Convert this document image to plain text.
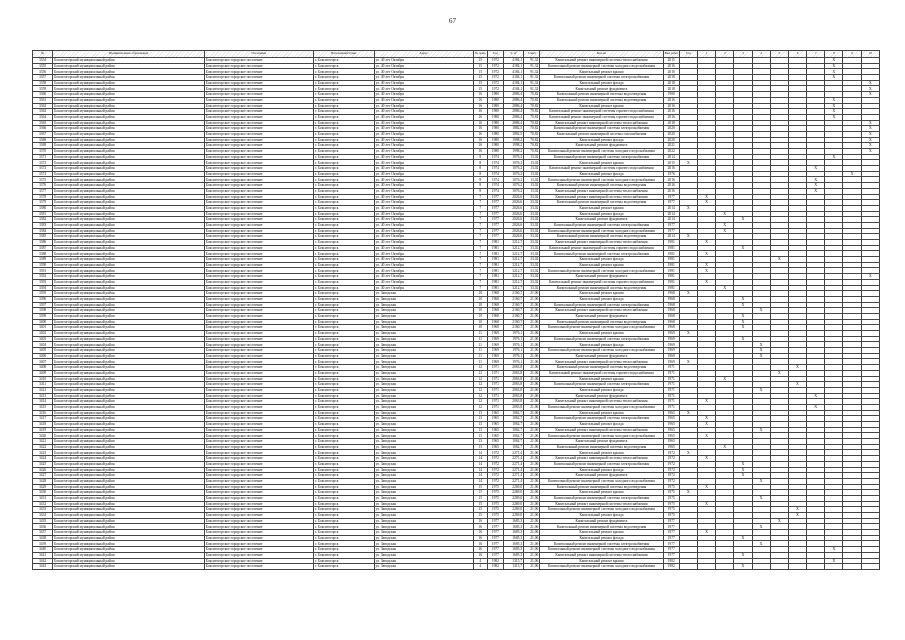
67
№	Муниципальное образование	Поселение	Населенный пункт	Адрес	№ дома	Год	S, м²	S жил	Кол-во	Вид работ	Год	1	2	3	4	5	6	7	8	9	10
3354	Бокситогорский муниципальный район	Бокситогорское городское поселение	г. Бокситогорск	ул. 40 лет Октября	15	1972	4184,1	91,32	Капитальный ремонт инженерной системы теплоснабжения	2015									X		
3355	Бокситогорский муниципальный район	Бокситогорское городское поселение	г. Бокситогорск	ул. 40 лет Октября	15	1972	4184,1	91,32	Капитальный ремонт инженерной системы холодного водоснабжения	2016									X		
3356	Бокситогорский муниципальный район	Бокситогорское городское поселение	г. Бокситогорск	ул. 40 лет Октября	15	1972	4184,1	91,32	Капитальный ремонт крыши	2016									X		
3357	Бокситогорский муниципальный район	Бокситогорское городское поселение	г. Бокситогорск	ул. 40 лет Октября	15	1972	4184,1	91,32	Капитальный ремонт инженерной системы электроснабжения	2018									X		
3358	Бокситогорский муниципальный район	Бокситогорское городское поселение	г. Бокситогорск	ул. 40 лет Октября	15	1972	4184,1	91,32	Капитальный ремонт фасада	2018											X
3359	Бокситогорский муниципальный район	Бокситогорское городское поселение	г. Бокситогорск	ул. 40 лет Октября	15	1972	4184,1	91,32	Капитальный ремонт фундамента	2018											X
3360	Бокситогорский муниципальный район	Бокситогорское городское поселение	г. Бокситогорск	ул. 40 лет Октября	16	1980	2886,4	70,82	Капитальный ремонт инженерной системы водоотведения	1980											X
3361	Бокситогорский муниципальный район	Бокситогорское городское поселение	г. Бокситогорск	ул. 40 лет Октября	16	1980	2886,4	70,82	Капитальный ремонт инженерной системы водоотведения	2016									X		
3362	Бокситогорский муниципальный район	Бокситогорское городское поселение	г. Бокситогорск	ул. 40 лет Октября	16	1980	2886,4	70,82	Капитальный ремонт крыши	2016									X		
3363	Бокситогорский муниципальный район	Бокситогорское городское поселение	г. Бокситогорск	ул. 40 лет Октября	16	1980	2886,4	70,82	Капитальный ремонт инженерной системы горячего водоснабжения	2016									X		
3364	Бокситогорский муниципальный район	Бокситогорское городское поселение	г. Бокситогорск	ул. 40 лет Октября	16	1980	2886,4	70,82	Капитальный ремонт инженерной системы горячего водоснабжения	2016									X		
3365	Бокситогорский муниципальный район	Бокситогорское городское поселение	г. Бокситогорск	ул. 40 лет Октября	16	1980	2886,4	70,82	Капитальный ремонт инженерной системы теплоснабжения	2018											X
3366	Бокситогорский муниципальный район	Бокситогорское городское поселение	г. Бокситогорск	ул. 40 лет Октября	16	1980	1882,5	70,82	Капитальный ремонт инженерной системы электроснабжения	2020											X
3367	Бокситогорский муниципальный район	Бокситогорское городское поселение	г. Бокситогорск	ул. 40 лет Октября	16	1980	1882,5	70,82	Капитальный ремонт инженерной системы газоснабжения	2020											X
3368	Бокситогорский муниципальный район	Бокситогорское городское поселение	г. Бокситогорск	ул. 40 лет Октября	16	1980	1998,2	70,82	Капитальный ремонт фасада	2020											X
3369	Бокситогорский муниципальный район	Бокситогорское городское поселение	г. Бокситогорск	ул. 40 лет Октября	16	1980	1998,2	70,82	Капитальный ремонт фундамента	2021											X
3370	Бокситогорский муниципальный район	Бокситогорское городское поселение	г. Бокситогорск	ул. 40 лет Октября	16	1980	1998,2	70,82	Капитальный ремонт инженерной системы холодного водоснабжения	2022											X
3371	Бокситогорский муниципальный район	Бокситогорское городское поселение	г. Бокситогорск	ул. 40 лет Октября	8	1974	1076,2	13,02	Капитальный ремонт инженерной системы электроснабжения	2014									X		
3372	Бокситогорский муниципальный район	Бокситогорское городское поселение	г. Бокситогорск	ул. 40 лет Октября	8	1974	1076,2	13,02	Капитальный ремонт крыши	2015	X										
3373	Бокситогорский муниципальный район	Бокситогорское городское поселение	г. Бокситогорск	ул. 40 лет Октября	8	1974	1076,2	13,02	Капитальный ремонт инженерной системы горячего водоснабжения	2016								X			
3374	Бокситогорский муниципальный район	Бокситогорское городское поселение	г. Бокситогорск	ул. 40 лет Октября	8	1974	1076,2	13,02	Капитальный ремонт фасада	1976										X	
3375	Бокситогорский муниципальный район	Бокситогорское городское поселение	г. Бокситогорск	ул. 40 лет Октября	8	1974	1076,2	13,02	Капитальный ремонт инженерной системы холодного водоснабжения	2016								X			
3376	Бокситогорский муниципальный район	Бокситогорское городское поселение	г. Бокситогорск	ул. 40 лет Октября	8	1974	1076,2	13,02	Капитальный ремонт инженерной системы водоотведения	2016								X			
3377	Бокситогорский муниципальный район	Бокситогорское городское поселение	г. Бокситогорск	ул. 40 лет Октября	8	1974	1076,2	13,02	Капитальный ремонт инженерной системы теплоснабжения	2016								X			
3378	Бокситогорский муниципальный район	Бокситогорское городское поселение	г. Бокситогорск	ул. 40 лет Октября	7	1977	2026,6	33,02	Капитальный ремонт инженерной системы теплоснабжения	1977		X									
3379	Бокситогорский муниципальный район	Бокситогорское городское поселение	г. Бокситогорск	ул. 40 лет Октября	7	1977	2026,6	33,02	Капитальный ремонт инженерной системы водоотведения	1977		X									
3380	Бокситогорский муниципальный район	Бокситогорское городское поселение	г. Бокситогорск	ул. 40 лет Октября	7	1977	2026,6	33,02	Капитальный ремонт крыши	2014	X										
3381	Бокситогорский муниципальный район	Бокситогорское городское поселение	г. Бокситогорск	ул. 40 лет Октября	7	1977	2026,6	33,02	Капитальный ремонт фасада	2014			X								
3382	Бокситогорский муниципальный район	Бокситогорское городское поселение	г. Бокситогорск	ул. 40 лет Октября	7	1977	2026,6	33,02	Капитальный ремонт фундамента	2014				X							
3383	Бокситогорский муниципальный район	Бокситогорское городское поселение	г. Бокситогорск	ул. 40 лет Октября	7	1977	2026,6	33,02	Капитальный ремонт инженерной системы электроснабжения	1977			X								
3384	Бокситогорский муниципальный район	Бокситогорское городское поселение	г. Бокситогорск	ул. 40 лет Октября	7	1977	2026,6	33,02	Капитальный ремонт инженерной системы холодного водоснабжения	1977			X								
3385	Бокситогорский муниципальный район	Бокситогорское городское поселение	г. Бокситогорск	ул. 40 лет Октября	7	1977	2026,6	33,02	Капитальный ремонт инженерной системы водоотведения	2014	X										
3386	Бокситогорский муниципальный район	Бокситогорское городское поселение	г. Бокситогорск	ул. 40 лет Октября	7	1981	3212,7	33,02	Капитальный ремонт инженерной системы теплоснабжения	1981		X									
3387	Бокситогорский муниципальный район	Бокситогорское городское поселение	г. Бокситогорск	ул. 40 лет Октября	7	1981	3212,7	33,02	Капитальный ремонт инженерной системы горячего водоснабжения	1981				X							
3388	Бокситогорский муниципальный район	Бокситогорское городское поселение	г. Бокситогорск	ул. 40 лет Октября	7	1981	3212,7	33,02	Капитальный ремонт инженерной системы электроснабжения	1981		X									
3389	Бокситогорский муниципальный район	Бокситогорское городское поселение	г. Бокситогорск	ул. 40 лет Октября	7	1981	3212,7	33,02	Капитальный ремонт фасада	1981						X					
3390	Бокситогорский муниципальный район	Бокситогорское городское поселение	г. Бокситогорск	ул. 40 лет Октября	7	1981	3212,7	33,02	Капитальный ремонт крыши	1981		X									
3391	Бокситогорский муниципальный район	Бокситогорское городское поселение	г. Бокситогорск	ул. 40 лет Октября	7	1981	3212,7	33,02	Капитальный ремонт инженерной системы холодного водоснабжения	1981		X									
3392	Бокситогорский муниципальный район	Бокситогорское городское поселение	г. Бокситогорск	ул. 40 лет Октября	7	1981	3212,7	33,02	Капитальный ремонт фундамента	1981											X
3393	Бокситогорский муниципальный район	Бокситогорское городское поселение	г. Бокситогорск	ул. 40 лет Октября	7	1981	3212,7	33,02	Капитальный ремонт инженерной системы горячего водоснабжения	1981		X									
3394	Бокситогорский муниципальный район	Бокситогорское городское поселение	г. Бокситогорск	ул. 40 лет Октября	7	1981	3212,7	33,02	Капитальный ремонт инженерной системы водоотведения	1981			X								
3395	Бокситогорский муниципальный район	Бокситогорское городское поселение	г. Бокситогорск	ул. Заводская	10	1968	2160,7	21,06	Капитальный ремонт крыши	1968	X										
3396	Бокситогорский муниципальный район	Бокситогорское городское поселение	г. Бокситогорск	ул. Заводская	10	1968	2160,7	21,06	Капитальный ремонт фасада	1968				X							
3397	Бокситогорский муниципальный район	Бокситогорское городское поселение	г. Бокситогорск	ул. Заводская	10	1968	2160,7	21,06	Капитальный ремонт инженерной системы электроснабжения	1968				X							
3398	Бокситогорский муниципальный район	Бокситогорское городское поселение	г. Бокситогорск	ул. Заводская	10	1968	2160,7	21,06	Капитальный ремонт инженерной системы теплоснабжения	1968					X						
3399	Бокситогорский муниципальный район	Бокситогорское городское поселение	г. Бокситогорск	ул. Заводская	10	1968	2160,7	21,06	Капитальный ремонт фундамента	1968				X							
3400	Бокситогорский муниципальный район	Бокситогорское городское поселение	г. Бокситогорск	ул. Заводская	10	1968	2160,7	21,06	Капитальный ремонт инженерной системы водоотведения	1968				X							
3401	Бокситогорский муниципальный район	Бокситогорское городское поселение	г. Бокситогорск	ул. Заводская	10	1968	2160,7	21,06	Капитальный ремонт инженерной системы холодного водоснабжения	1968				X							
3402	Бокситогорский муниципальный район	Бокситогорское городское поселение	г. Бокситогорск	ул. Заводская	11	1969	1976,1	21,06	Капитальный ремонт крыши	1969	X										
3403	Бокситогорский муниципальный район	Бокситогорское городское поселение	г. Бокситогорск	ул. Заводская	11	1969	1976,1	21,06	Капитальный ремонт инженерной системы электроснабжения	1969				X							
3404	Бокситогорский муниципальный район	Бокситогорское городское поселение	г. Бокситогорск	ул. Заводская	11	1969	1976,1	21,06	Капитальный ремонт фасада	1969					X						
3405	Бокситогорский муниципальный район	Бокситогорское городское поселение	г. Бокситогорск	ул. Заводская	11	1969	1976,1	21,06	Капитальный ремонт инженерной системы холодного водоснабжения	1969					X						
3406	Бокситогорский муниципальный район	Бокситогорское городское поселение	г. Бокситогорск	ул. Заводская	11	1969	1976,1	21,06	Капитальный ремонт фундамента	1969					X						
3407	Бокситогорский муниципальный район	Бокситогорское городское поселение	г. Бокситогорск	ул. Заводская	11	1969	1976,1	21,06	Капитальный ремонт инженерной системы теплоснабжения	1969	X										
3408	Бокситогорский муниципальный район	Бокситогорское городское поселение	г. Бокситогорск	ул. Заводская	12	1971	2063,8	21,06	Капитальный ремонт инженерной системы водоотведения	1971							X				
3409	Бокситогорский муниципальный район	Бокситогорское городское поселение	г. Бокситогорск	ул. Заводская	12	1971	2063,8	21,06	Капитальный ремонт инженерной системы горячего водоснабжения	1971						X					
3410	Бокситогорский муниципальный район	Бокситогорское городское поселение	г. Бокситогорск	ул. Заводская	12	1971	2063,8	21,06	Капитальный ремонт крыши	1971			X								
3411	Бокситогорский муниципальный район	Бокситогорское городское поселение	г. Бокситогорск	ул. Заводская	12	1971	2063,8	21,06	Капитальный ремонт инженерной системы электроснабжения	1971							X				
3412	Бокситогорский муниципальный район	Бокситогорское городское поселение	г. Бокситогорск	ул. Заводская	12	1971	2063,8	21,06	Капитальный ремонт фасада	1971					X						
3413	Бокситогорский муниципальный район	Бокситогорское городское поселение	г. Бокситогорск	ул. Заводская	12	1971	2063,8	21,06	Капитальный ремонт фундамента	1971								X			
3414	Бокситогорский муниципальный район	Бокситогорское городское поселение	г. Бокситогорск	ул. Заводская	12	1971	2063,8	21,06	Капитальный ремонт инженерной системы теплоснабжения	1971		X									
3415	Бокситогорский муниципальный район	Бокситогорское городское поселение	г. Бокситогорск	ул. Заводская	12	1971	2063,8	21,06	Капитальный ремонт инженерной системы холодного водоснабжения	1971								X			
3416	Бокситогорский муниципальный район	Бокситогорское городское поселение	г. Бокситогорск	ул. Заводская	13	1965	1062,7	21,06	Капитальный ремонт крыши	1965	X										
3417	Бокситогорский муниципальный район	Бокситогорское городское поселение	г. Бокситогорск	ул. Заводская	13	1965	1062,7	21,06	Капитальный ремонт инженерной системы электроснабжения	1965		X									
3418	Бокситогорский муниципальный район	Бокситогорское городское поселение	г. Бокситогорск	ул. Заводская	13	1965	1062,7	21,06	Капитальный ремонт фасада	1965		X									
3419	Бокситогорский муниципальный район	Бокситогорское городское поселение	г. Бокситогорск	ул. Заводская	13	1965	1062,7	21,06	Капитальный ремонт инженерной системы теплоснабжения	1965					X						
3420	Бокситогорский муниципальный район	Бокситогорское городское поселение	г. Бокситогорск	ул. Заводская	13	1965	1062,7	21,06	Капитальный ремонт инженерной системы холодного водоснабжения	1965		X									
3421	Бокситогорский муниципальный район	Бокситогорское городское поселение	г. Бокситогорск	ул. Заводская	13	1965	1062,7	21,06	Капитальный ремонт фундамента	1965											
3422	Бокситогорский муниципальный район	Бокситогорское городское поселение	г. Бокситогорск	ул. Заводская	13	1965	1062,7	21,06	Капитальный ремонт инженерной системы водоотведения	1965			X								
3423	Бокситогорский муниципальный район	Бокситогорское городское поселение	г. Бокситогорск	ул. Заводская	14	1972	2271,4	21,06	Капитальный ремонт крыши	1972	X										
3424	Бокситогорский муниципальный район	Бокситогорское городское поселение	г. Бокситогорск	ул. Заводская	14	1972	2271,4	21,06	Капитальный ремонт инженерной системы теплоснабжения	1972		X									
3425	Бокситогорский муниципальный район	Бокситогорское городское поселение	г. Бокситогорск	ул. Заводская	14	1972	2271,4	21,06	Капитальный ремонт инженерной системы электроснабжения	1972				X							
3426	Бокситогорский муниципальный район	Бокситогорское городское поселение	г. Бокситогорск	ул. Заводская	14	1972	2271,4	21,06	Капитальный ремонт фасада	1972				X							
3427	Бокситогорский муниципальный район	Бокситогорское городское поселение	г. Бокситогорск	ул. Заводская	14	1972	2271,4	21,06	Капитальный ремонт фундамента	1972				X							
3428	Бокситогорский муниципальный район	Бокситогорское городское поселение	г. Бокситогорск	ул. Заводская	14	1972	2271,4	21,06	Капитальный ремонт инженерной системы холодного водоснабжения	1972					X						
3429	Бокситогорский муниципальный район	Бокситогорское городское поселение	г. Бокситогорск	ул. Заводская	15	1975	2269,0	21,06	Капитальный ремонт инженерной системы водоотведения	1975		X									
3430	Бокситогорский муниципальный район	Бокситогорское городское поселение	г. Бокситогорск	ул. Заводская	15	1975	2269,0	21,06	Капитальный ремонт крыши	1975	X										
3431	Бокситогорский муниципальный район	Бокситогорское городское поселение	г. Бокситогорск	ул. Заводская	15	1975	2269,0	21,06	Капитальный ремонт инженерной системы электроснабжения	1975					X						
3432	Бокситогорский муниципальный район	Бокситогорское городское поселение	г. Бокситогорск	ул. Заводская	15	1975	2269,0	21,06	Капитальный ремонт инженерной системы теплоснабжения	1975		X									
3433	Бокситогорский муниципальный район	Бокситогорское городское поселение	г. Бокситогорск	ул. Заводская	15	1975	2269,0	21,06	Капитальный ремонт инженерной системы холодного водоснабжения	1975							X				
3434	Бокситогорский муниципальный район	Бокситогорское городское поселение	г. Бокситогорск	ул. Заводская	15	1975	2269,0	21,06	Капитальный ремонт фасада	1975							X				
3435	Бокситогорский муниципальный район	Бокситогорское городское поселение	г. Бокситогорск	ул. Заводская	16	1977	1685,3	21,06	Капитальный ремонт фундамента	1977						X					
3436	Бокситогорский муниципальный район	Бокситогорское городское поселение	г. Бокситогорск	ул. Заводская	16	1977	1685,3	21,06	Капитальный ремонт инженерной системы водоотведения	1977					X						
3437	Бокситогорский муниципальный район	Бокситогорское городское поселение	г. Бокситогорск	ул. Заводская	16	1977	1685,3	21,06	Капитальный ремонт крыши	1977		X									
3438	Бокситогорский муниципальный район	Бокситогорское городское поселение	г. Бокситогорск	ул. Заводская	16	1977	1685,3	21,06	Капитальный ремонт фасада	1977				X							
3439	Бокситогорский муниципальный район	Бокситогорское городское поселение	г. Бокситогорск	ул. Заводская	16	1977	1685,3	21,06	Капитальный ремонт инженерной системы электроснабжения	1977					X						
3440	Бокситогорский муниципальный район	Бокситогорское городское поселение	г. Бокситогорск	ул. Заводская	16	1977	1685,3	21,06	Капитальный ремонт инженерной системы холодного водоснабжения	1977									X		
3441	Бокситогорский муниципальный район	Бокситогорское городское поселение	г. Бокситогорск	ул. Заводская	16	1977	1685,3	21,06	Капитальный ремонт инженерной системы теплоснабжения	1977				X							
3442	Бокситогорский муниципальный район	Бокситогорское городское поселение	г. Бокситогорск	ул. Заводская	4	1982	1315,7	21,06	Капитальный ремонт крыши	1982									X		
3443	Бокситогорский муниципальный район	Бокситогорское городское поселение	г. Бокситогорск	ул. Заводская	4	1982	1315,7	21,06	Капитальный ремонт инженерной системы холодного водоснабжения	1982				X							
